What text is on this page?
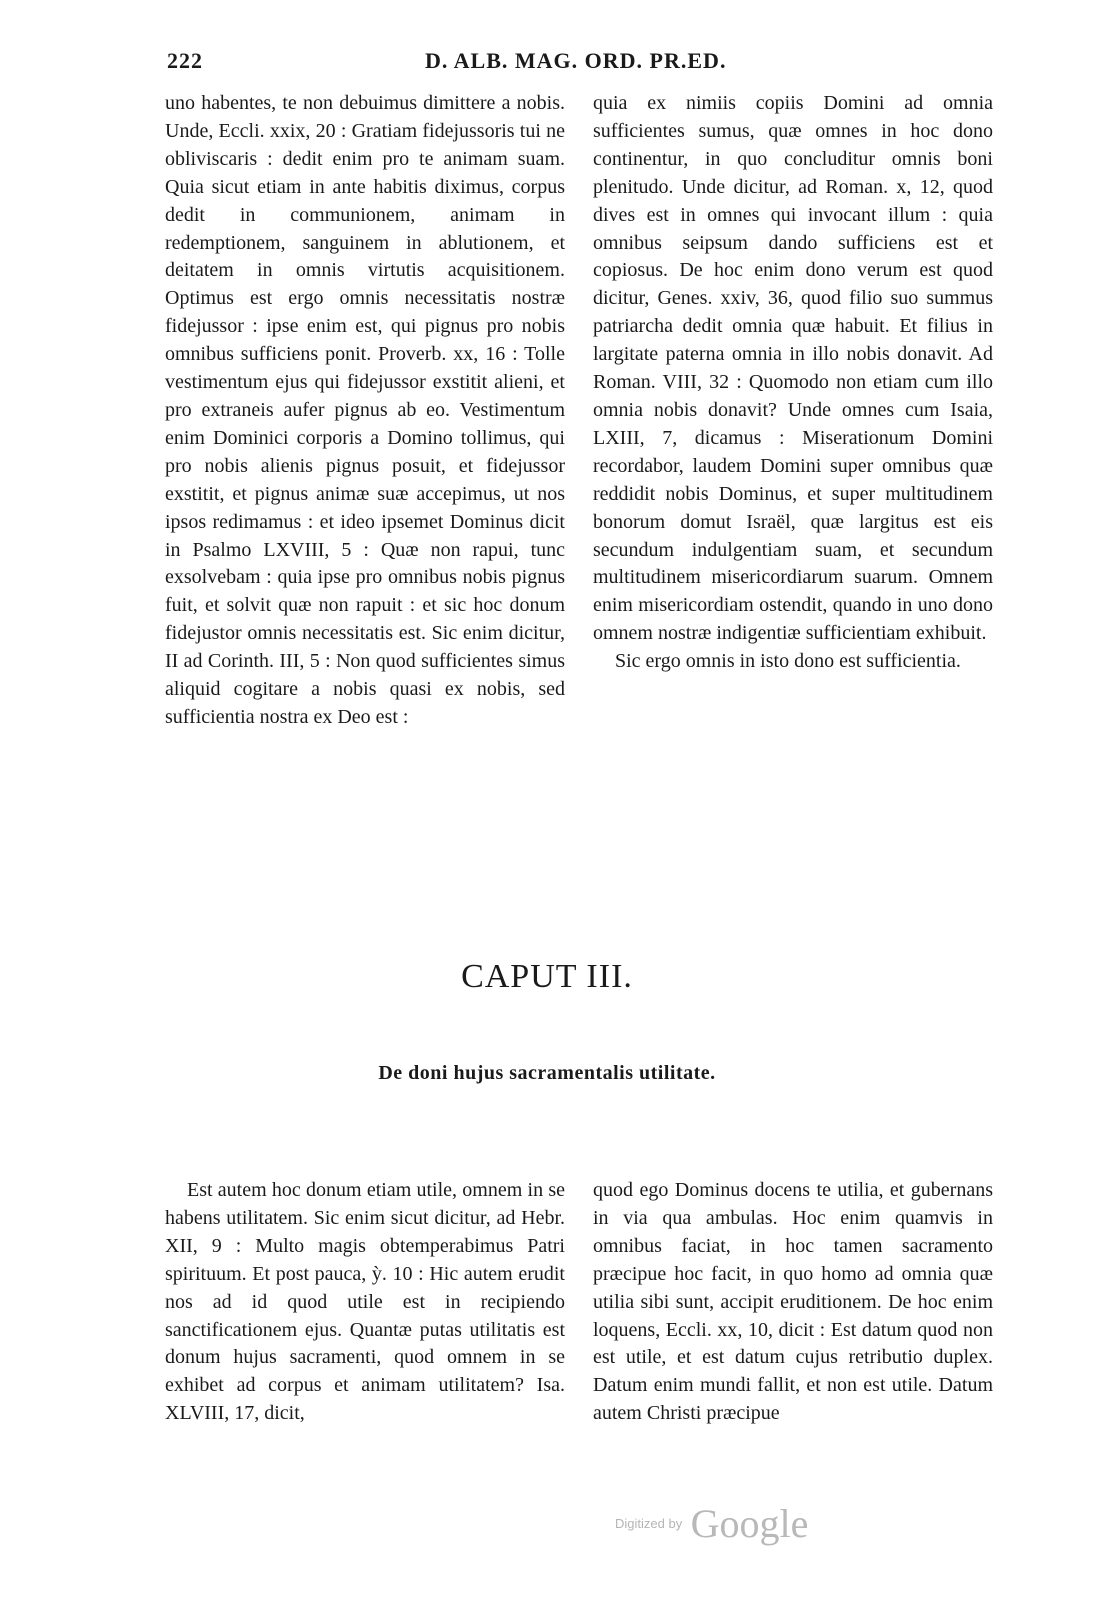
222	D. ALB. MAG. ORD. PR.ED.

uno habentes, te non debuimus dimittere a nobis. Unde, Eccli. xxix, 20 : Gratiam fidejussoris tui ne obliviscaris : dedit enim pro te animam suam. Quia sicut etiam in ante habitis diximus, corpus dedit in communionem, animam in redemptionem, sanguinem in ablutionem, et deitatem in omnis virtutis acquisitionem. Optimus est ergo omnis necessitatis nostræ fidejussor : ipse enim est, qui pignus pro nobis omnibus sufficiens ponit. Proverb. xx, 16 : Tolle vestimentum ejus qui fidejussor exstitit alieni, et pro extraneis aufer pignus ab eo. Vestimentum enim Dominici corporis a Domino tollimus, qui pro nobis alienis pignus posuit, et fidejussor exstitit, et pignus animæ suæ accepimus, ut nos ipsos redimamus : et ideo ipsemet Dominus dicit in Psalmo LXVIII, 5 : Quæ non rapui, tunc exsolvebam : quia ipse pro omnibus nobis pignus fuit, et solvit quæ non rapuit : et sic hoc donum fidejustor omnis necessitatis est. Sic enim dicitur, II ad Corinth. III, 5 : Non quod sufficientes simus aliquid cogitare a nobis quasi ex nobis, sed sufficientia nostra ex Deo est :

quia ex nimiis copiis Domini ad omnia sufficientes sumus, quæ omnes in hoc dono continentur, in quo concluditur omnis boni plenitudo. Unde dicitur, ad Roman. x, 12, quod dives est in omnes qui invocant illum : quia omnibus seipsum dando sufficiens est et copiosus. De hoc enim dono verum est quod dicitur, Genes. xxiv, 36, quod filio suo summus patriarcha dedit omnia quæ habuit. Et filius in largitate paterna omnia in illo nobis donavit. Ad Roman. VIII, 32 : Quomodo non etiam cum illo omnia nobis donavit? Unde omnes cum Isaia, LXIII, 7, dicamus : Miserationum Domini recordabor, laudem Domini super omnibus quæ reddidit nobis Dominus, et super multitudinem bonorum domut Israël, quæ largitus est eis secundum indulgentiam suam, et secundum multitudinem misericordiarum suarum. Omnem enim misericordiam ostendit, quando in uno dono omnem nostræ indigentiæ sufficientiam exhibuit.

Sic ergo omnis in isto dono est sufficientia.

CAPUT III.
De doni hujus sacramentalis utilitate.

Est autem hoc donum etiam utile, omnem in se habens utilitatem. Sic enim sicut dicitur, ad Hebr. XII, 9 : Multo magis obtemperabimus Patri spirituum. Et post pauca, ỳ. 10 : Hic autem erudit nos ad id quod utile est in recipiendo sanctificationem ejus. Quantæ putas utilitatis est donum hujus sacramenti, quod omnem in se exhibet ad corpus et animam utilitatem? Isa. XLVIII, 17, dicit,

quod ego Dominus docens te utilia, et gubernans in via qua ambulas. Hoc enim quamvis in omnibus faciat, in hoc tamen sacramento præcipue hoc facit, in quo homo ad omnia quæ utilia sibi sunt, accipit eruditionem. De hoc enim loquens, Eccli. xx, 10, dicit : Est datum quod non est utile, et est datum cujus retributio duplex. Datum enim mundi fallit, et non est utile. Datum autem Christi præcipue

Digitized by Google
